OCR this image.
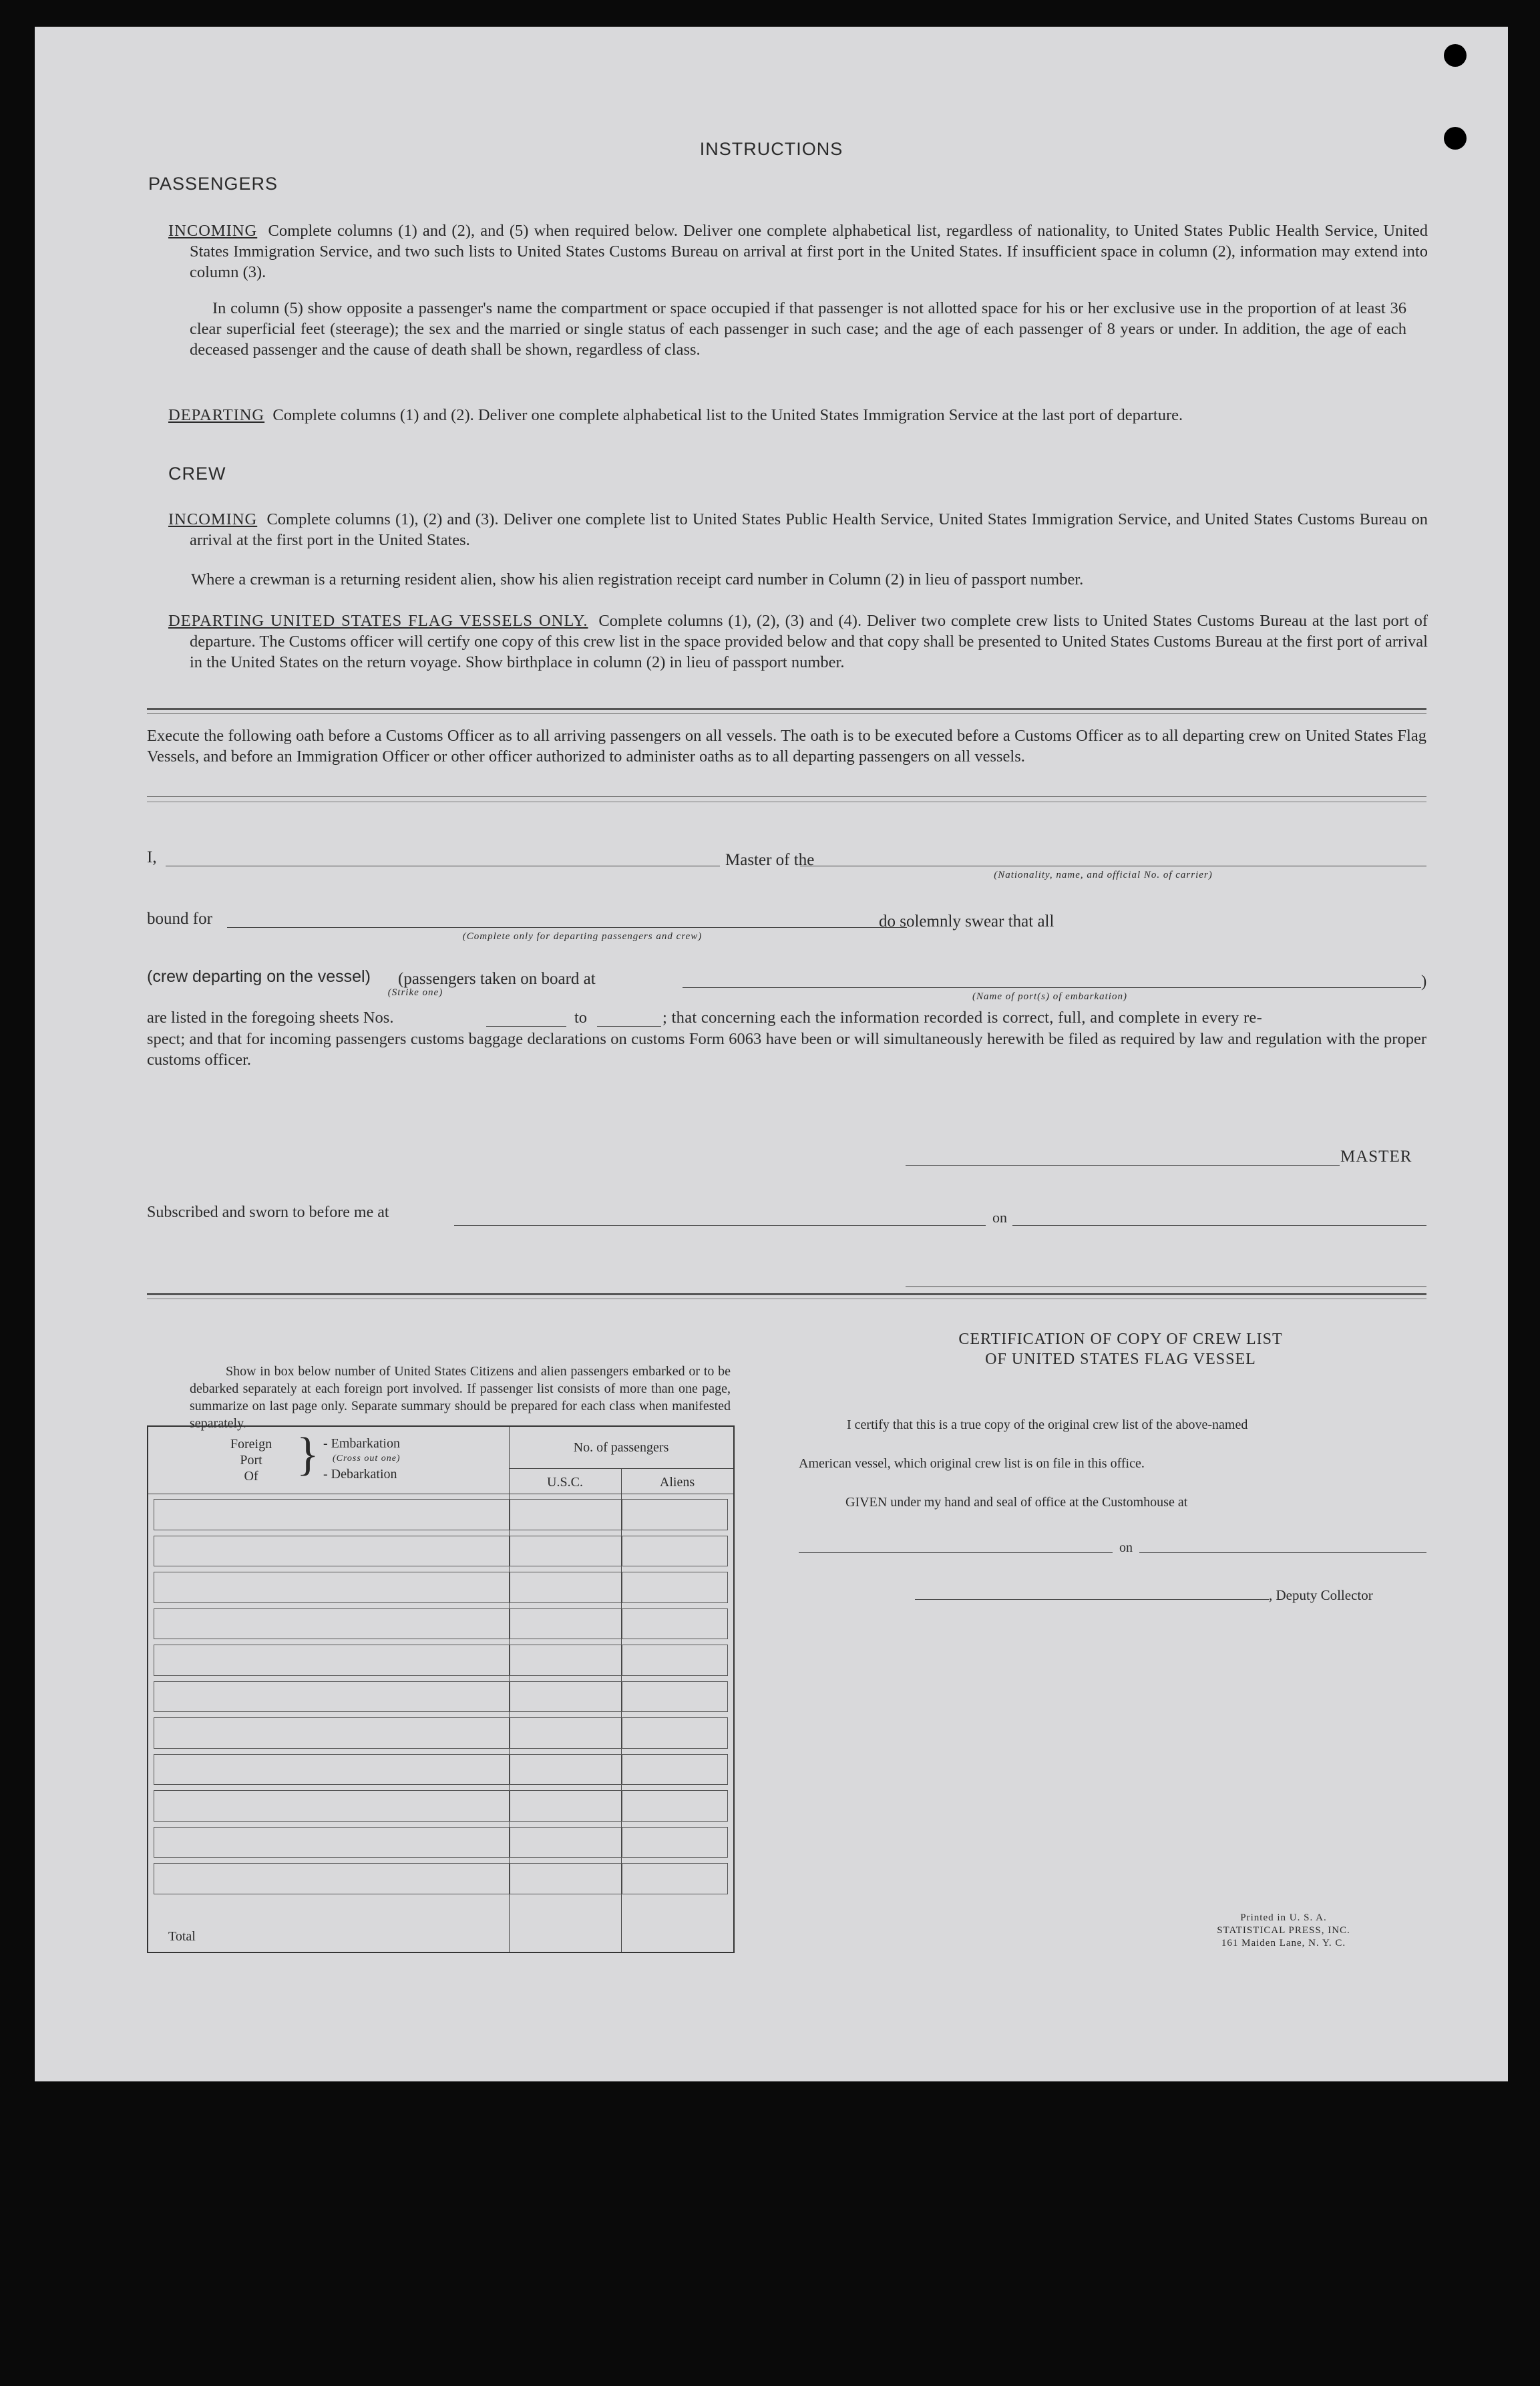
INSTRUCTIONS
PASSENGERS
INCOMING Complete columns (1) and (2), and (5) when required below. Deliver one complete alphabetical list, regardless of nationality, to United States Public Health Service, United States Immigration Service, and two such lists to United States Customs Bureau on arrival at first port in the United States. If insufficient space in column (2), information may extend into column (3).
In column (5) show opposite a passenger's name the compartment or space occupied if that passenger is not allotted space for his or her exclusive use in the proportion of at least 36 clear superficial feet (steerage); the sex and the married or single status of each passenger in such case; and the age of each passenger of 8 years or under. In addition, the age of each deceased passenger and the cause of death shall be shown, regardless of class.
DEPARTING Complete columns (1) and (2). Deliver one complete alphabetical list to the United States Immigration Service at the last port of departure.
CREW
INCOMING Complete columns (1), (2) and (3). Deliver one complete list to United States Public Health Service, United States Immigration Service, and United States Customs Bureau on arrival at the first port in the United States.
Where a crewman is a returning resident alien, show his alien registration receipt card number in Column (2) in lieu of passport number.
DEPARTING UNITED STATES FLAG VESSELS ONLY. Complete columns (1), (2), (3) and (4). Deliver two complete crew lists to United States Customs Bureau at the last port of departure. The Customs officer will certify one copy of this crew list in the space provided below and that copy shall be presented to United States Customs Bureau at the first port of arrival in the United States on the return voyage. Show birthplace in column (2) in lieu of passport number.
Execute the following oath before a Customs Officer as to all arriving passengers on all vessels. The oath is to be executed before a Customs Officer as to all departing crew on United States Flag Vessels, and before an Immigration Officer or other officer authorized to administer oaths as to all departing passengers on all vessels.
I,	Master of the
(Nationality, name, and official No. of carrier)
bound for
(Complete only for departing passengers and crew)
do solemnly swear that all
(crew departing on the vessel)
(Strike one)
(passengers taken on board at	)
(Name of port(s) of embarkation)
are listed in the foregoing sheets Nos.	to	; that concerning each the information recorded is correct, full, and complete in every re-
spect; and that for incoming passengers customs baggage declarations on customs Form 6063 have been or will simultaneously herewith be filed as required by law and regulation with the proper customs officer.
MASTER
Subscribed and sworn to before me at	on
Show in box below number of United States Citizens and alien passengers embarked or to be debarked separately at each foreign port involved. If passenger list consists of more than one page, summarize on last page only. Separate summary should be prepared for each class when manifested separately.
Foreign
Port
Of } - Embarkation
(Cross out one)
- Debarkation
No. of passengers
U.S.C.	Aliens
Total
CERTIFICATION OF COPY OF CREW LIST
OF UNITED STATES FLAG VESSEL
I certify that this is a true copy of the original crew list of the above-named
American vessel, which original crew list is on file in this office.
GIVEN under my hand and seal of office at the Customhouse at
on
, Deputy Collector
Printed in U. S. A.
STATISTICAL PRESS, INC.
161 Maiden Lane, N. Y. C.
